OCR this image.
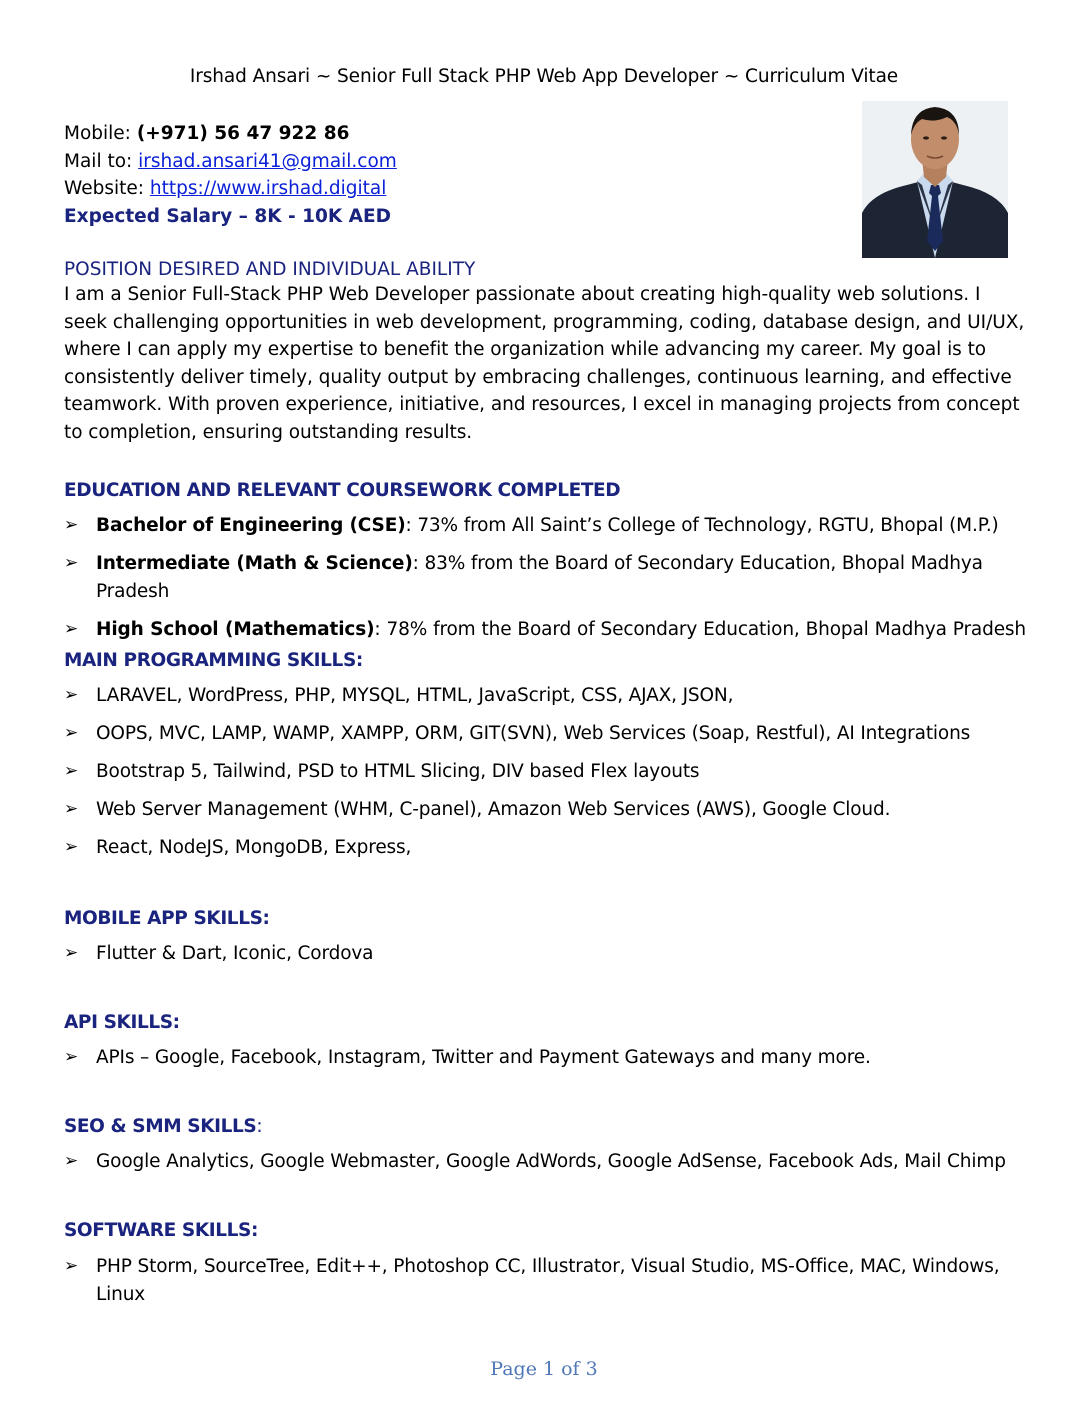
Irshad Ansari ~ Senior Full Stack PHP Web App Developer ~ Curriculum Vitae
Mobile: (+971) 56 47 922 86
Mail to: irshad.ansari41@gmail.com
Website: https://www.irshad.digital
Expected Salary – 8K - 10K AED
POSITION DESIRED AND INDIVIDUAL ABILITY
I am a Senior Full-Stack PHP Web Developer passionate about creating high-quality web solutions. I seek challenging opportunities in web development, programming, coding, database design, and UI/UX, where I can apply my expertise to benefit the organization while advancing my career. My goal is to consistently deliver timely, quality output by embracing challenges, continuous learning, and effective teamwork. With proven experience, initiative, and resources, I excel in managing projects from concept to completion, ensuring outstanding results.
EDUCATION AND RELEVANT COURSEWORK COMPLETED
➢ Bachelor of Engineering (CSE): 73% from All Saint’s College of Technology, RGTU, Bhopal (M.P.)
➢ Intermediate (Math & Science): 83% from the Board of Secondary Education, Bhopal Madhya Pradesh
➢ High School (Mathematics): 78% from the Board of Secondary Education, Bhopal Madhya Pradesh
MAIN PROGRAMMING SKILLS:
➢ LARAVEL, WordPress, PHP, MYSQL, HTML, JavaScript, CSS, AJAX, JSON,
➢ OOPS, MVC, LAMP, WAMP, XAMPP, ORM, GIT(SVN), Web Services (Soap, Restful), AI Integrations
➢ Bootstrap 5, Tailwind, PSD to HTML Slicing, DIV based Flex layouts
➢ Web Server Management (WHM, C-panel), Amazon Web Services (AWS), Google Cloud.
➢ React, NodeJS, MongoDB, Express,
MOBILE APP SKILLS:
➢ Flutter & Dart, Iconic, Cordova
API SKILLS:
➢ APIs – Google, Facebook, Instagram, Twitter and Payment Gateways and many more.
SEO & SMM SKILLS:
➢ Google Analytics, Google Webmaster, Google AdWords, Google AdSense, Facebook Ads, Mail Chimp
SOFTWARE SKILLS:
➢ PHP Storm, SourceTree, Edit++, Photoshop CC, Illustrator, Visual Studio, MS-Office, MAC, Windows, Linux
Page 1 of 3
